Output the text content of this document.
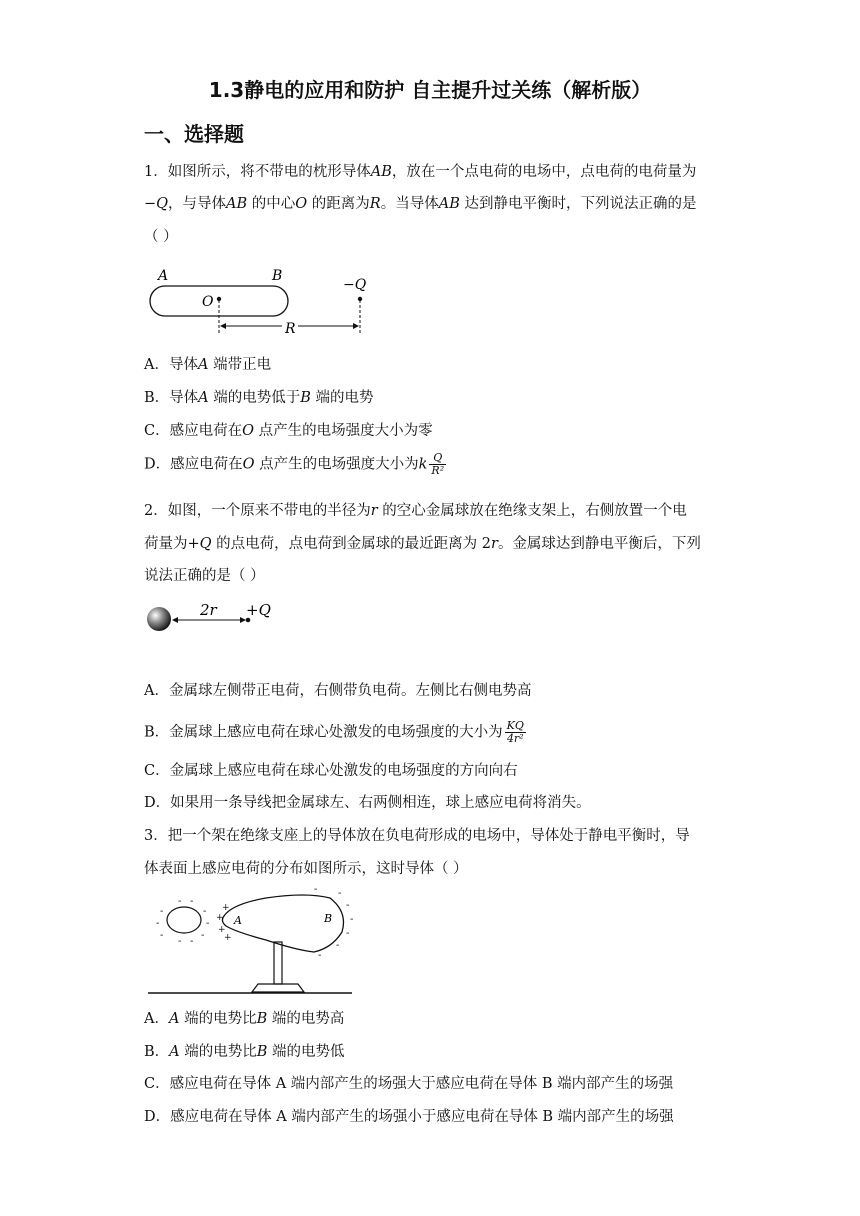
1.3静电的应用和防护 自主提升过关练（解析版）
一、选择题
1．如图所示，将不带电的枕形导体AB，放在一个点电荷的电场中，点电荷的电荷量为
−Q，与导体AB 的中心O 的距离为R。当导体AB 达到静电平衡时，下列说法正确的是
（ ）
A	B
O
−Q
R
A．导体A 端带正电
B．导体A 端的电势低于B 端的电势
C．感应电荷在O 点产生的电场强度大小为零
D．感应电荷在O 点产生的电场强度大小为k $\frac{Q}{\text{R²}}$
2．如图，一个原来不带电的半径为r 的空心金属球放在绝缘支架上，右侧放置一个电
荷量为+Q 的点电荷，点电荷到金属球的最近距离为 2r。金属球达到静电平衡后，下列
说法正确的是（ ）
2r +Q
A．金属球左侧带正电荷，右侧带负电荷。左侧比右侧电势高
B．金属球上感应电荷在球心处激发的电场强度的大小为 $\frac{KQ}{\text{4r²}}$
C．金属球上感应电荷在球心处激发的电场强度的方向向右
D．如果用一条导线把金属球左、右两侧相连，球上感应电荷将消失。
3．把一个架在绝缘支座上的导体放在负电荷形成的电场中，导体处于静电平衡时，导
体表面上感应电荷的分布如图所示，这时导体（ ）
- -
-	-
-	-
-	-
- -
A	B
+
+
+
+
- -
-
-
-
-
-
A．A 端的电势比B 端的电势高
B．A 端的电势比B 端的电势低
C．感应电荷在导体 A 端内部产生的场强大于感应电荷在导体 B 端内部产生的场强
D．感应电荷在导体 A 端内部产生的场强小于感应电荷在导体 B 端内部产生的场强
